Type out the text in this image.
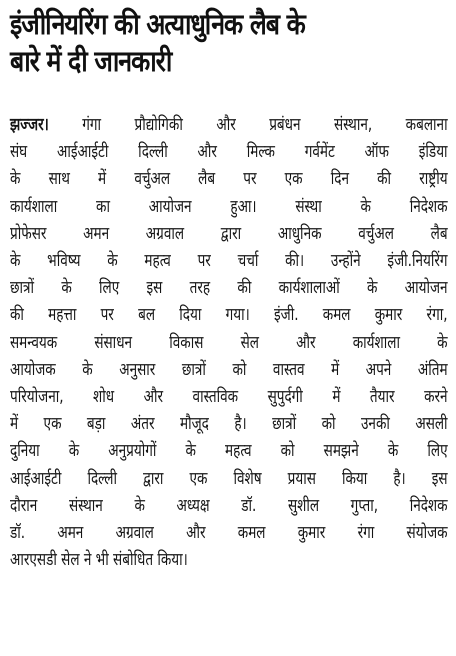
इंजीनियरिंग की अत्याधुनिक लैब के
बारे में दी जानकारी
झज्जर। गंगा प्रौद्योगिकी और प्रबंधन संस्थान, कबलाना
संघ आईआईटी दिल्ली और मिल्क गर्वमेंट ऑफ इंडिया
के साथ में वर्चुअल लैब पर एक दिन की राष्ट्रीय
कार्यशाला का आयोजन हुआ। संस्था के निदेशक
प्रोफेसर अमन अग्रवाल द्वारा आधुनिक वर्चुअल लैब
के भविष्य के महत्व पर चर्चा की। उन्होंने इंजी.नियरिंग
छात्रों के लिए इस तरह की कार्यशालाओं के आयोजन
की महत्ता पर बल दिया गया। इंजी. कमल कुमार रंगा,
समन्वयक संसाधन विकास सेल और कार्यशाला के
आयोजक के अनुसार छात्रों को वास्तव में अपने अंतिम
परियोजना, शोध और वास्तविक सुपुर्दगी में तैयार करने
में एक बड़ा अंतर मौजूद है। छात्रों को उनकी असली
दुनिया के अनुप्रयोगों के महत्व को समझने के लिए
आईआईटी दिल्ली द्वारा एक विशेष प्रयास किया है। इस
दौरान संस्थान के अध्यक्ष डॉ. सुशील गुप्ता, निदेशक
डॉ. अमन अग्रवाल और कमल कुमार रंगा संयोजक
आरएसडी सेल ने भी संबोधित किया।
